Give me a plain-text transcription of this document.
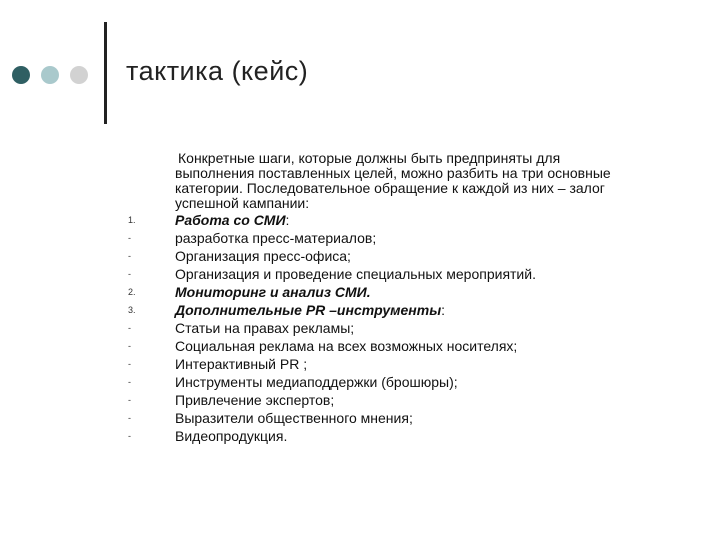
тактика (кейс)

Конкретные шаги, которые должны быть предприняты для
выполнения поставленных целей, можно разбить на три основные категории. Последовательное обращение к каждой из них – залог успешной кампании:

1.	Работа со СМИ:
-	разработка пресс-материалов;
-	Организация пресс-офиса;
-	Организация и проведение специальных мероприятий.
2.	Мониторинг и анализ СМИ.
3.	Дополнительные PR –инструменты:
-	Статьи на правах рекламы;
-	Социальная реклама на всех возможных носителях;
-	Интерактивный PR ;
-	Инструменты медиаподдержки (брошюры);
-	Привлечение экспертов;
-	Выразители общественного мнения;
-	Видеопродукция.
